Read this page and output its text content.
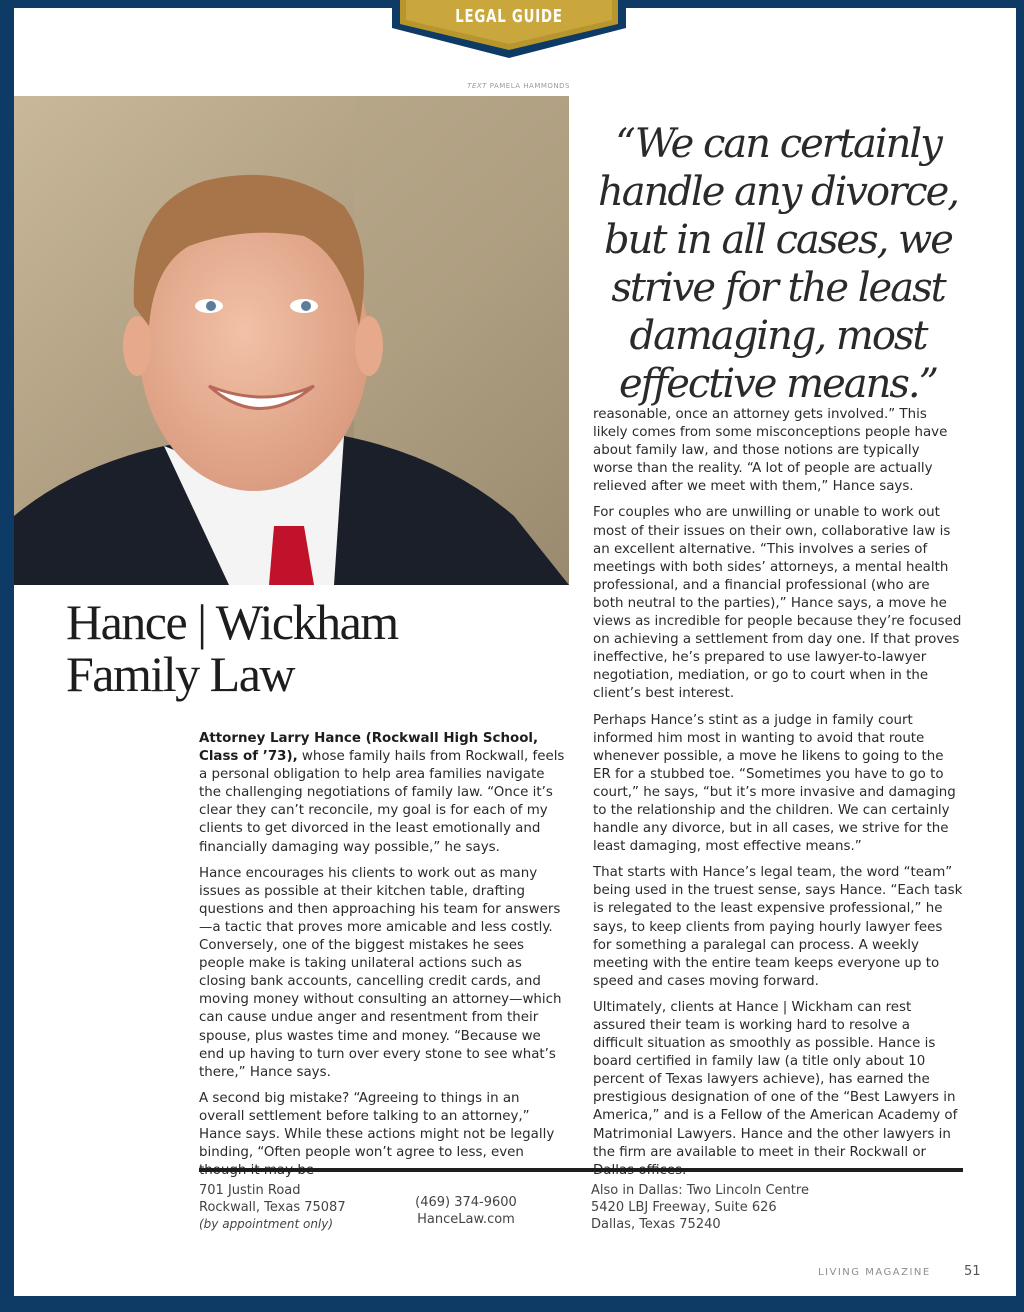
LEGAL GUIDE
TEXT PAMELA HAMMONDS
“We can certainly handle any divorce, but in all cases, we strive for the least damaging, most effective means.”
Hance | Wickham
Family Law

Attorney Larry Hance (Rockwall High School, Class of ’73), whose family hails from Rockwall, feels a personal obligation to help area families navigate the challenging negotiations of family law. “Once it’s clear they can’t reconcile, my goal is for each of my clients to get divorced in the least emotionally and financially damaging way possible,” he says.

Hance encourages his clients to work out as many issues as possible at their kitchen table, drafting questions and then approaching his team for answers—a tactic that proves more amicable and less costly. Conversely, one of the biggest mistakes he sees people make is taking unilateral actions such as closing bank accounts, cancelling credit cards, and moving money without consulting an attorney—which can cause undue anger and resentment from their spouse, plus wastes time and money. “Because we end up having to turn over every stone to see what’s there,” Hance says.

A second big mistake? “Agreeing to things in an overall settlement before talking to an attorney,” Hance says. While these actions might not be legally binding, “Often people won’t agree to less, even

reasonable, once an attorney gets involved.” This likely comes from some misconceptions people have about family law, and those notions are typically worse than the reality. “A lot of people are actually relieved after we meet with them,” Hance says.

For couples who are unwilling or unable to work out most of their issues on their own, collaborative law is an excellent alternative. “This involves a series of meetings with both sides’ attorneys, a mental health professional, and a financial professional (who are both neutral to the parties),” Hance says, a move he views as incredible for people because they’re focused on achieving a settlement from day one. If that proves ineffective, he’s prepared to use lawyer-to-lawyer negotiation, mediation, or go to court when in the client’s best interest.

Perhaps Hance’s stint as a judge in family court informed him most in wanting to avoid that route whenever possible, a move he likens to going to the ER for a stubbed toe. “Sometimes you have to go to court,” he says, “but it’s more invasive and damaging to the relationship and the children. We can certainly handle any divorce, but in all cases, we strive for the least damaging, most effective means.”

That starts with Hance’s legal team, the word “team” being used in the truest sense, says Hance. “Each task is relegated to the least expensive professional,” he says, to keep clients from paying hourly lawyer fees for something a paralegal can process. A weekly meeting with the entire team keeps everyone up to speed and cases moving forward.

Ultimately, clients at Hance | Wickham can rest assured their team is working hard to resolve a difficult situation as smoothly as possible. Hance is board certified in family law (a title only about 10 percent of Texas lawyers achieve), has earned the prestigious designation of one of the “Best Lawyers in America,” and is a Fellow of the American Academy of Matrimonial Lawyers. Hance and the other lawyers in the firm are available to meet in their Rockwall or

701 Justin Road
Rockwall, Texas 75087
(by appointment only)
(469) 374-9600
HanceLaw.com
Also in Dallas: Two Lincoln Centre
5420 LBJ Freeway, Suite 626
Dallas, Texas 75240
LIVING MAGAZINE	51
